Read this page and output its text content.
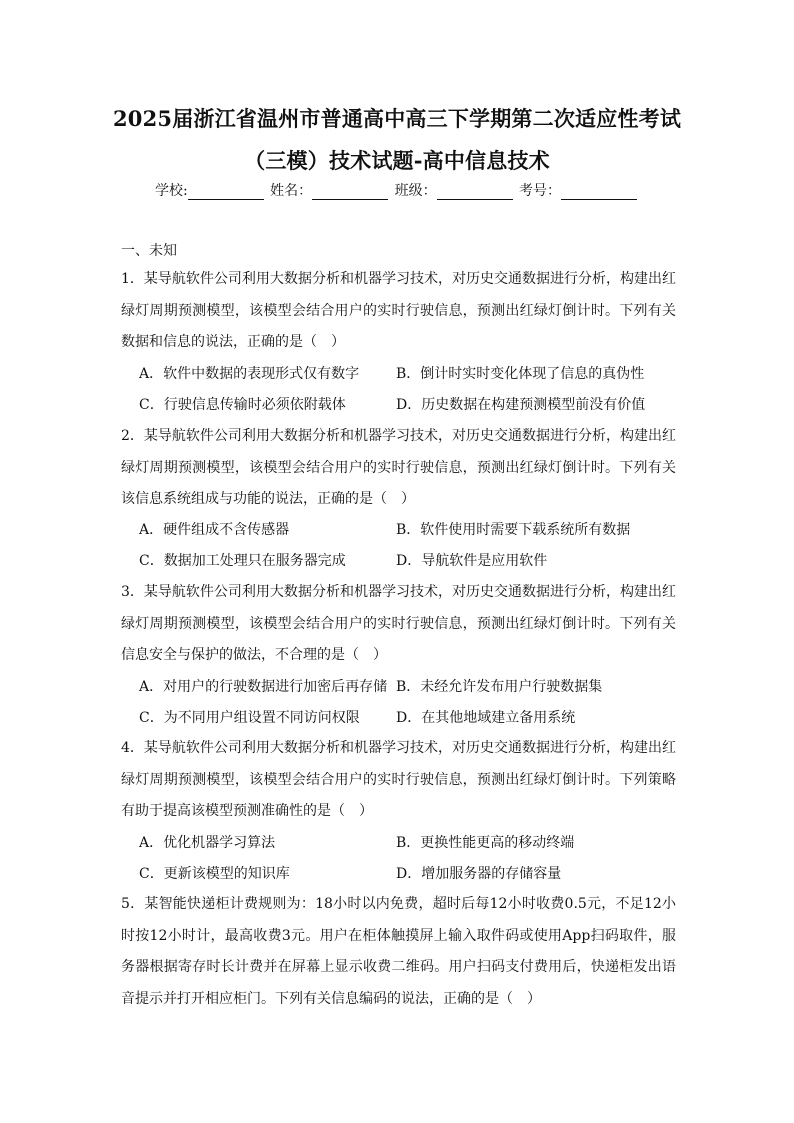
2025届浙江省温州市普通高中高三下学期第二次适应性考试
（三模）技术试题-高中信息技术
学校:	姓名：	班级：	考号：
一、未知
1．某导航软件公司利用大数据分析和机器学习技术，对历史交通数据进行分析，构建出红绿灯周期预测模型，该模型会结合用户的实时行驶信息，预测出红绿灯倒计时。下列有关数据和信息的说法，正确的是（　）
A．软件中数据的表现形式仅有数字	B．倒计时实时变化体现了信息的真伪性
C．行驶信息传输时必须依附载体	D．历史数据在构建预测模型前没有价值
2．某导航软件公司利用大数据分析和机器学习技术，对历史交通数据进行分析，构建出红绿灯周期预测模型，该模型会结合用户的实时行驶信息，预测出红绿灯倒计时。下列有关该信息系统组成与功能的说法，正确的是（　）
A．硬件组成不含传感器	B．软件使用时需要下载系统所有数据
C．数据加工处理只在服务器完成	D．导航软件是应用软件
3．某导航软件公司利用大数据分析和机器学习技术，对历史交通数据进行分析，构建出红绿灯周期预测模型，该模型会结合用户的实时行驶信息，预测出红绿灯倒计时。下列有关信息安全与保护的做法，不合理的是（　）
A．对用户的行驶数据进行加密后再存储 B．未经允许发布用户行驶数据集
C．为不同用户组设置不同访问权限	D．在其他地域建立备用系统
4．某导航软件公司利用大数据分析和机器学习技术，对历史交通数据进行分析，构建出红绿灯周期预测模型，该模型会结合用户的实时行驶信息，预测出红绿灯倒计时。下列策略有助于提高该模型预测准确性的是（　）
A．优化机器学习算法	B．更换性能更高的移动终端
C．更新该模型的知识库	D．增加服务器的存储容量
5．某智能快递柜计费规则为：18小时以内免费，超时后每12小时收费0.5元，不足12小时按12小时计，最高收费3元。用户在柜体触摸屏上输入取件码或使用App扫码取件，服务器根据寄存时长计费并在屏幕上显示收费二维码。用户扫码支付费用后，快递柜发出语音提示并打开相应柜门。下列有关信息编码的说法，正确的是（　）
